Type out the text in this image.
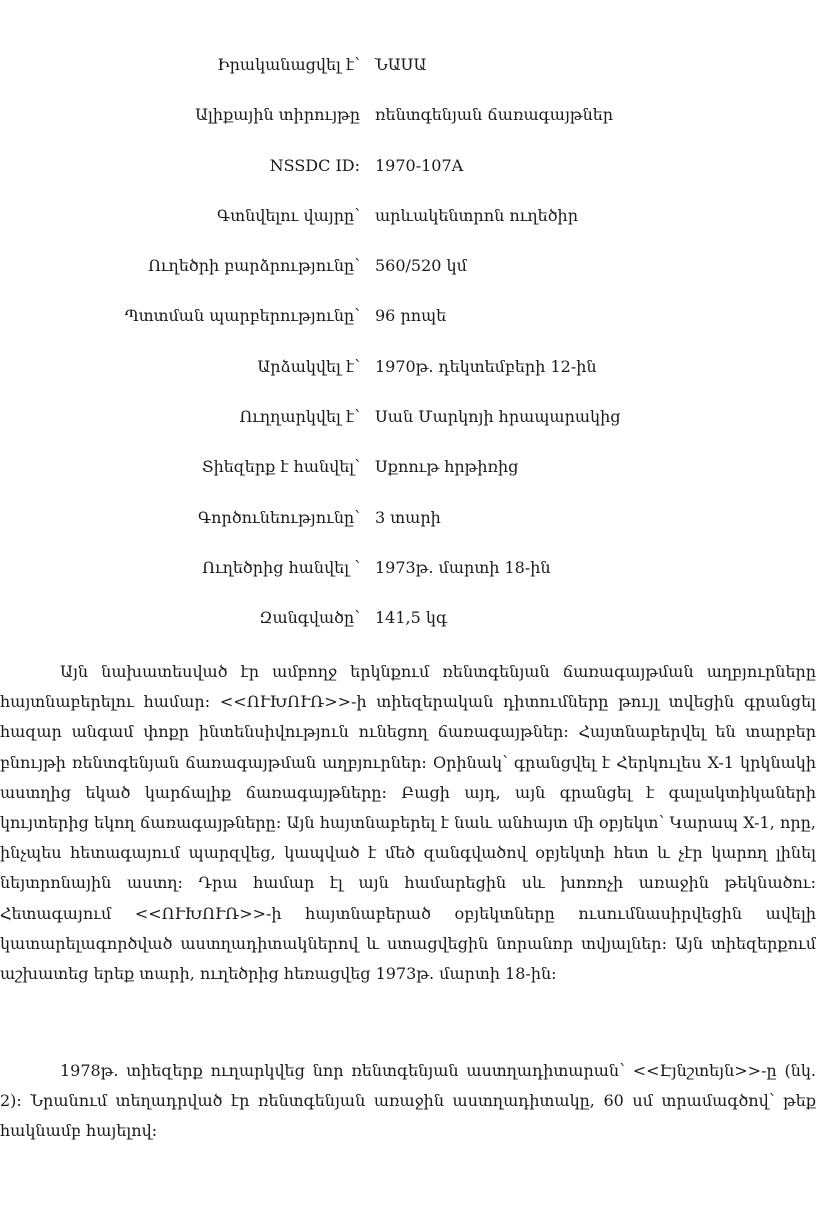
Իրականացվել է՝ ՆԱՍԱ
Ալիքային տիրույթը ռենտգենյան ճառագայթներ
NSSDC ID: 1970-107A
Գտնվելու վայրը՝ արևակենտրոն ուղեծիր
Ուղեծրի բարձրությունը՝ 560/520 կմ
Պտտման պարբերությունը՝ 96 րոպե
Արձակվել է՝ 1970թ. դեկտեմբերի 12-ին
Ուղղարկվել է՝ Սան Մարկոյի հրապարակից
Տիեզերք է հանվել՝ Սքոութ հրթիռից
Գործունեությունը՝ 3 տարի
Ուղեծրից հանվել ՝ 1973թ. մարտի 18-ին
Զանգվածը՝ 141,5 կգ

Այն նախատեսված էր ամբողջ երկնքում ռենտգենյան ճառագայթման աղբյուրները հայտնաբերելու համար: <<ՈՒԽՈՒՌ>>-ի տիեզերական դիտումները թույլ տվեցին գրանցել հազար անգամ փոքր ինտենսիվություն ունեցող ճառագայթներ: Հայտնաբերվել են տարբեր բնույթի ռենտգենյան ճառագայթման աղբյուրներ: Օրինակ՝ գրանցվել է Հերկուլես X-1 կրկնակի աստղից եկած կարճալիք ճառագայթները: Բացի այդ, այն գրանցել է գալակտիկաների կույտերից եկող ճառագայթները: Այն հայտնաբերել է նաև անհայտ մի օբյեկտ՝ Կարապ X-1, որը, ինչպես հետագայում պարզվեց, կապված է մեծ զանգվածով օբյեկտի հետ և չէր կարող լինել նեյտրոնային աստղ: Դրա համար էլ այն համարեցին սև խոռոչի առաջին թեկնածու: Հետագայում <<ՈՒԽՈՒՌ>>-ի հայտնաբերած օբյեկտները ուսումնասիրվեցին ավելի կատարելագործված աստղադիտակներով և ստացվեցին նորանոր տվյալներ: Այն տիեզերքում աշխատեց երեք տարի, ուղեծրից հեռացվեց 1973թ. մարտի 18-ին:

1978թ. տիեզերք ուղարկվեց նոր ռենտգենյան աստղադիտարան՝ <<Էյնշտեյն>>-ը (նկ. 2): Նրանում տեղադրված էր ռենտգենյան առաջին աստղադիտակը, 60 սմ տրամագծով՝ թեք հակնամբ հայելով:
